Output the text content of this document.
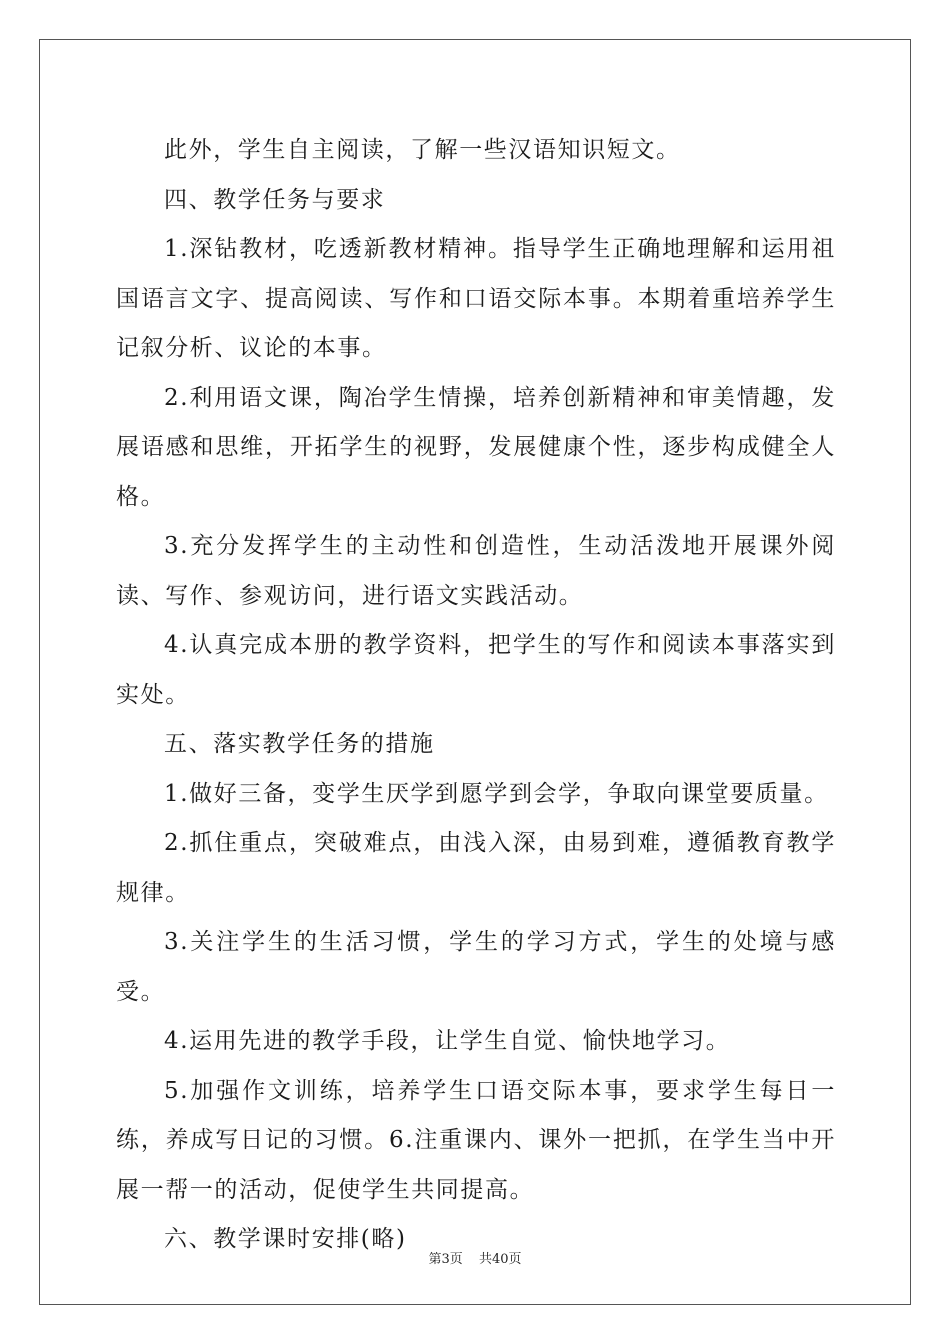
此外，学生自主阅读，了解一些汉语知识短文。

四、教学任务与要求

1.深钻教材，吃透新教材精神。指导学生正确地理解和运用祖国语言文字、提高阅读、写作和口语交际本事。本期着重培养学生记叙分析、议论的本事。

2.利用语文课，陶冶学生情操，培养创新精神和审美情趣，发展语感和思维，开拓学生的视野，发展健康个性，逐步构成健全人格。

3.充分发挥学生的主动性和创造性，生动活泼地开展课外阅读、写作、参观访问，进行语文实践活动。

4.认真完成本册的教学资料，把学生的写作和阅读本事落实到实处。

五、落实教学任务的措施

1.做好三备，变学生厌学到愿学到会学，争取向课堂要质量。

2.抓住重点，突破难点，由浅入深，由易到难，遵循教育教学规律。

3.关注学生的生活习惯，学生的学习方式，学生的处境与感受。

4.运用先进的教学手段，让学生自觉、愉快地学习。

5.加强作文训练，培养学生口语交际本事，要求学生每日一练，养成写日记的习惯。6.注重课内、课外一把抓，在学生当中开展一帮一的活动，促使学生共同提高。

六、教学课时安排(略)

第3页 共40页
